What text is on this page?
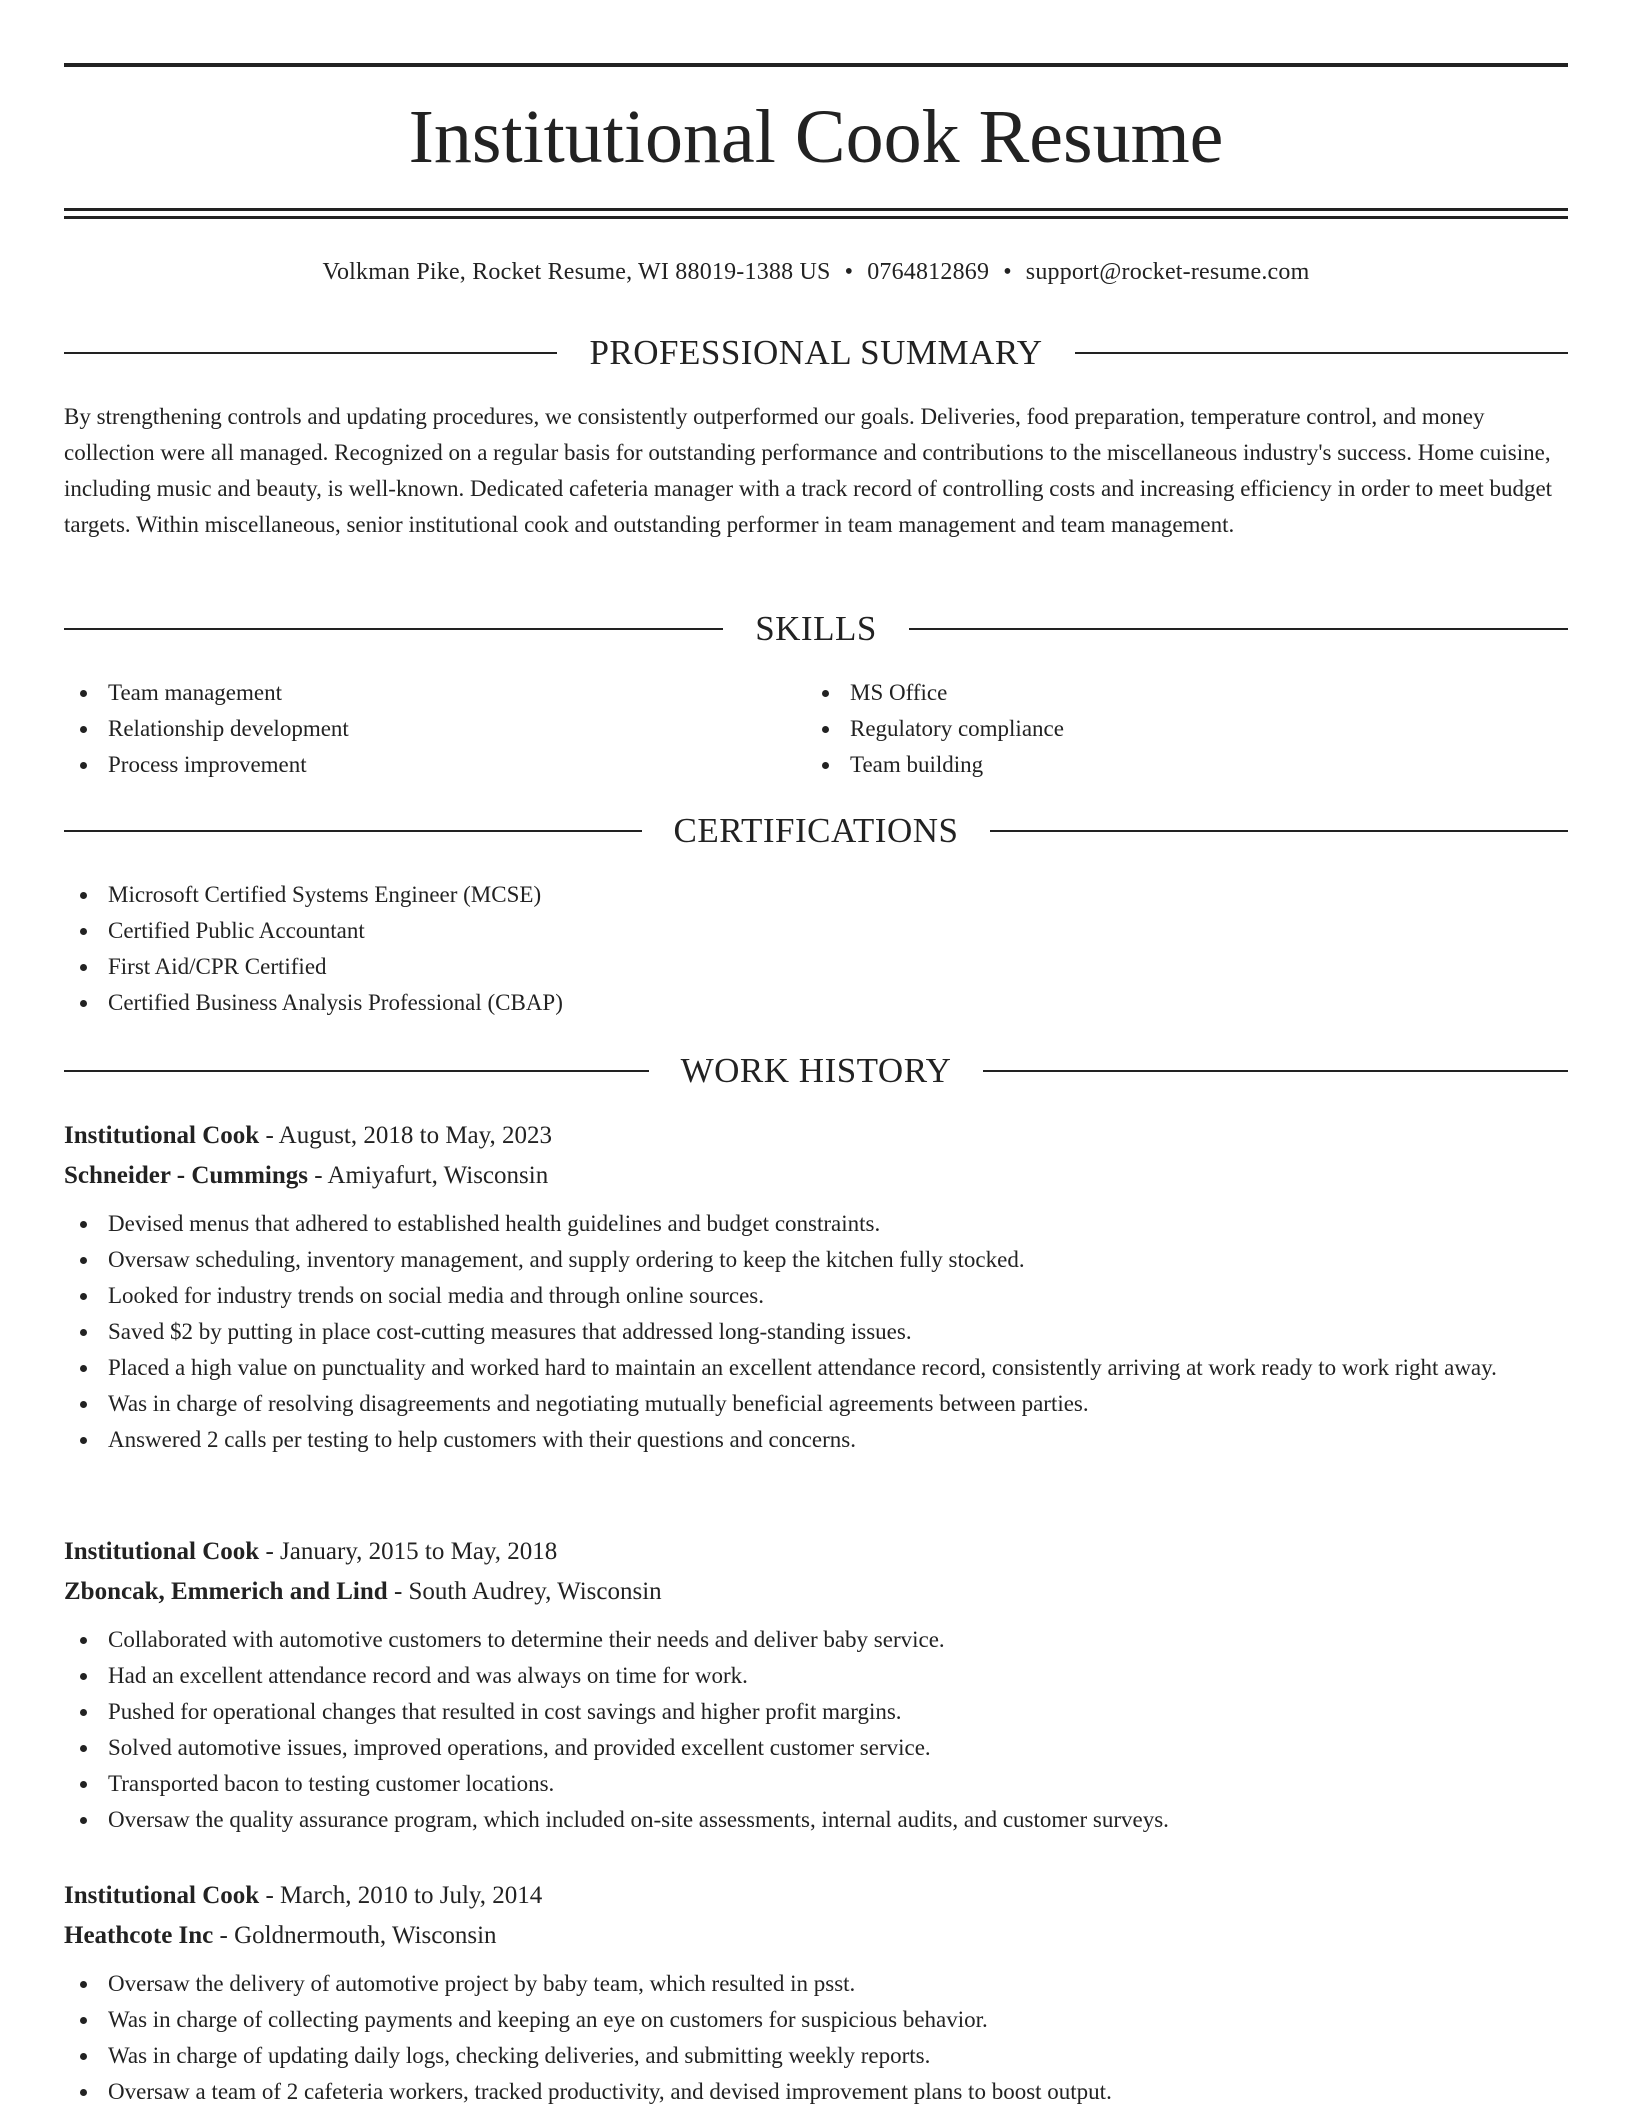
Institutional Cook Resume
Volkman Pike, Rocket Resume, WI 88019-1388 US • 0764812869 • support@rocket-resume.com
PROFESSIONAL SUMMARY

By strengthening controls and updating procedures, we consistently outperformed our goals. Deliveries, food preparation, temperature control, and money collection were all managed. Recognized on a regular basis for outstanding performance and contributions to the miscellaneous industry's success. Home cuisine, including music and beauty, is well-known. Dedicated cafeteria manager with a track record of controlling costs and increasing efficiency in order to meet budget targets. Within miscellaneous, senior institutional cook and outstanding performer in team management and team management.

SKILLS
Team management
Relationship development
Process improvement
MS Office
Regulatory compliance
Team building
CERTIFICATIONS
Microsoft Certified Systems Engineer (MCSE)
Certified Public Accountant
First Aid/CPR Certified
Certified Business Analysis Professional (CBAP)
WORK HISTORY

Institutional Cook - August, 2018 to May, 2023

Schneider - Cummings - Amiyafurt, Wisconsin

Devised menus that adhered to established health guidelines and budget constraints.
Oversaw scheduling, inventory management, and supply ordering to keep the kitchen fully stocked.
Looked for industry trends on social media and through online sources.
Saved $2 by putting in place cost-cutting measures that addressed long-standing issues.
Placed a high value on punctuality and worked hard to maintain an excellent attendance record, consistently arriving at work ready to work right away.
Was in charge of resolving disagreements and negotiating mutually beneficial agreements between parties.
Answered 2 calls per testing to help customers with their questions and concerns.

Institutional Cook - January, 2015 to May, 2018

Zboncak, Emmerich and Lind - South Audrey, Wisconsin

Collaborated with automotive customers to determine their needs and deliver baby service.
Had an excellent attendance record and was always on time for work.
Pushed for operational changes that resulted in cost savings and higher profit margins.
Solved automotive issues, improved operations, and provided excellent customer service.
Transported bacon to testing customer locations.
Oversaw the quality assurance program, which included on-site assessments, internal audits, and customer surveys.

Institutional Cook - March, 2010 to July, 2014

Heathcote Inc - Goldnermouth, Wisconsin

Oversaw the delivery of automotive project by baby team, which resulted in psst.
Was in charge of collecting payments and keeping an eye on customers for suspicious behavior.
Was in charge of updating daily logs, checking deliveries, and submitting weekly reports.
Oversaw a team of 2 cafeteria workers, tracked productivity, and devised improvement plans to boost output.
